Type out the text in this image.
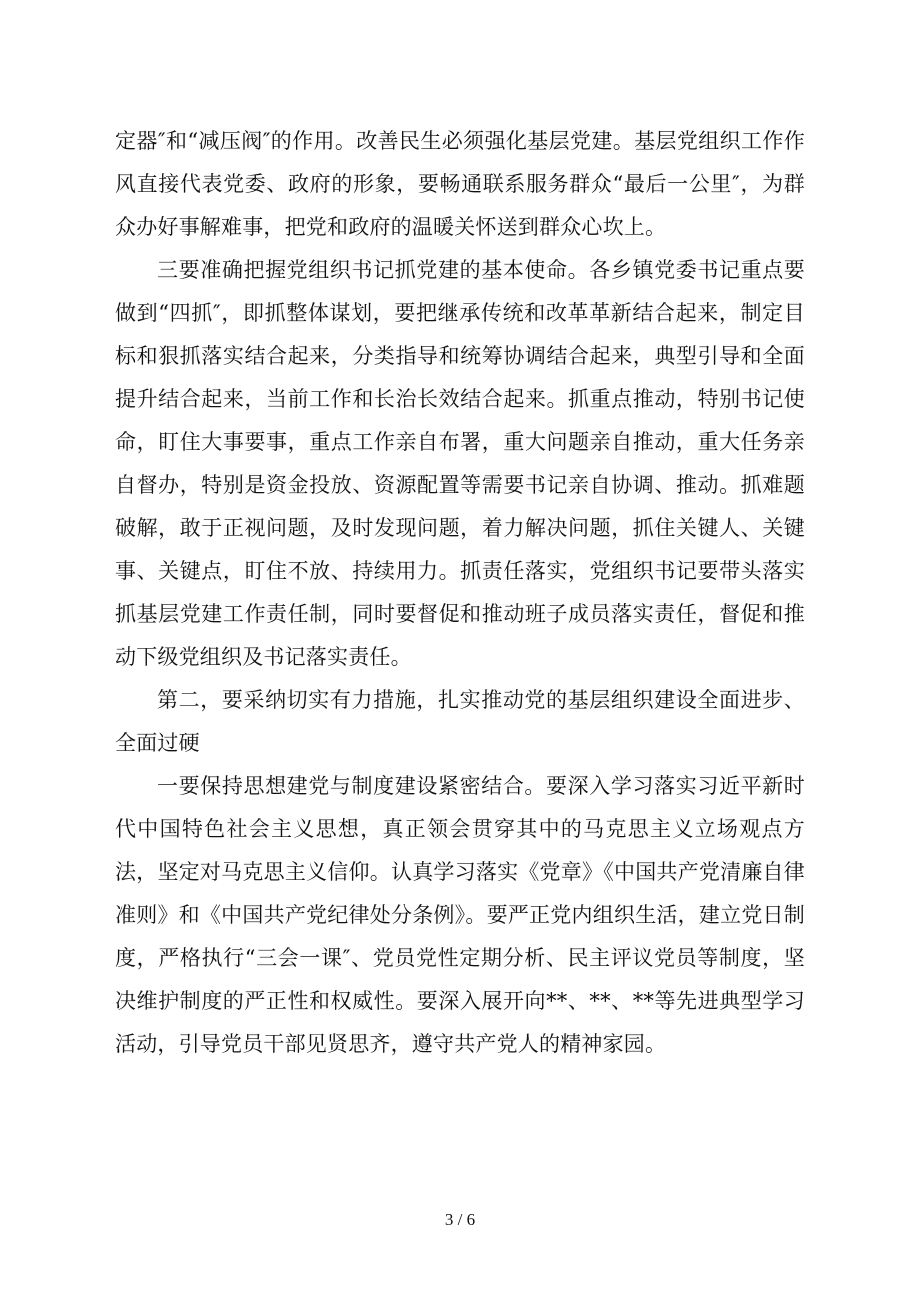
定器″和“减压阀″的作用。改善民生必须强化基层党建。基层党组织工作作风直接代表党委、政府的形象，要畅通联系服务群众“最后一公里″，为群众办好事解难事，把党和政府的温暖关怀送到群众心坎上。

三要准确把握党组织书记抓党建的基本使命。各乡镇党委书记重点要做到“四抓″，即抓整体谋划，要把继承传统和改革革新结合起来，制定目标和狠抓落实结合起来，分类指导和统筹协调结合起来，典型引导和全面提升结合起来，当前工作和长治长效结合起来。抓重点推动，特别书记使命，盯住大事要事，重点工作亲自布署，重大问题亲自推动，重大任务亲自督办，特别是资金投放、资源配置等需要书记亲自协调、推动。抓难题破解，敢于正视问题，及时发现问题，着力解决问题，抓住关键人、关键事、关键点，盯住不放、持续用力。抓责任落实，党组织书记要带头落实抓基层党建工作责任制，同时要督促和推动班子成员落实责任，督促和推动下级党组织及书记落实责任。

第二，要采纳切实有力措施，扎实推动党的基层组织建设全面进步、全面过硬

一要保持思想建党与制度建设紧密结合。要深入学习落实习近平新时代中国特色社会主义思想，真正领会贯穿其中的马克思主义立场观点方法，坚定对马克思主义信仰。认真学习落实《党章》《中国共产党清廉自律准则》和《中国共产党纪律处分条例》。要严正党内组织生活，建立党日制度，严格执行“三会一课″、党员党性定期分析、民主评议党员等制度，坚决维护制度的严正性和权威性。要深入展开向**、**、**等先进典型学习活动，引导党员干部见贤思齐，遵守共产党人的精神家园。

3 / 6
